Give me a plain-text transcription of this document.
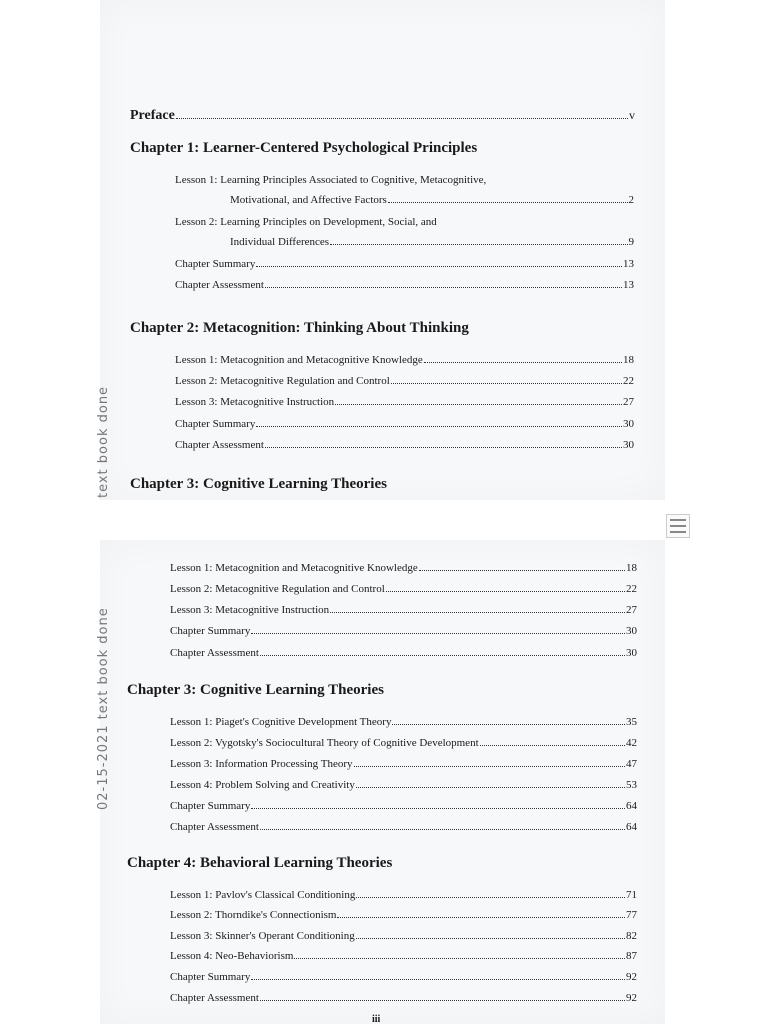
Preface	v
Chapter 1: Learner-Centered Psychological Principles
Lesson 1: Learning Principles Associated to Cognitive, Metacognitive,
Motivational, and Affective Factors	2
Lesson 2: Learning Principles on Development, Social, and
Individual Differences	9
Chapter Summary	13
Chapter Assessment	13
Chapter 2: Metacognition: Thinking About Thinking
Lesson 1: Metacognition and Metacognitive Knowledge	18
Lesson 2: Metacognitive Regulation and Control	22
Lesson 3: Metacognitive Instruction	27
Chapter Summary	30
Chapter Assessment	30
Chapter 3: Cognitive Learning Theories
text book done
Lesson 1: Metacognition and Metacognitive Knowledge	18
Lesson 2: Metacognitive Regulation and Control	22
Lesson 3: Metacognitive Instruction	27
Chapter Summary	30
Chapter Assessment	30
Chapter 3: Cognitive Learning Theories
Lesson 1: Piaget's Cognitive Development Theory	35
Lesson 2: Vygotsky's Sociocultural Theory of Cognitive Development	42
Lesson 3: Information Processing Theory	47
Lesson 4: Problem Solving and Creativity	53
Chapter Summary	64
Chapter Assessment	64
Chapter 4: Behavioral Learning Theories
Lesson 1: Pavlov's Classical Conditioning	71
Lesson 2: Thorndike's Connectionism	77
Lesson 3: Skinner's Operant Conditioning	82
Lesson 4: Neo-Behaviorism	87
Chapter Summary	92
Chapter Assessment	92
02-15-2021 text book done
iii
